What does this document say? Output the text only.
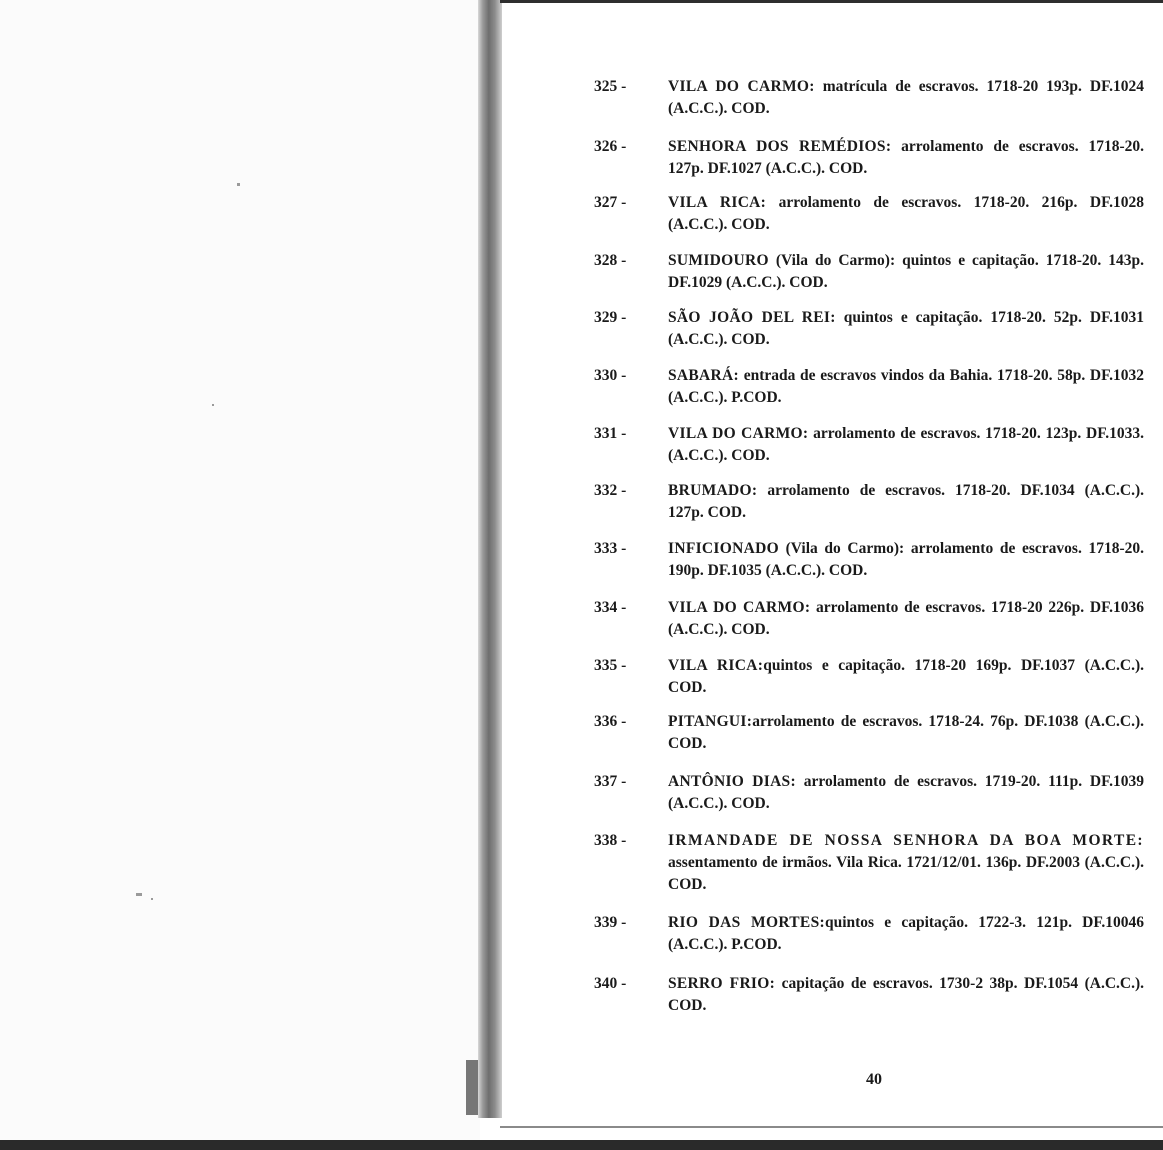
325 -	VILA DO CARMO: matrícula de escravos. 1718-20 193p. DF.1024 (A.C.C.). COD.
326 -	SENHORA DOS REMÉDIOS: arrolamento de escravos. 1718-20. 127p. DF.1027 (A.C.C.). COD.
327 -	VILA RICA: arrolamento de escravos. 1718-20. 216p. DF.1028 (A.C.C.). COD.
328 -	SUMIDOURO (Vila do Carmo): quintos e capitação. 1718-20. 143p. DF.1029 (A.C.C.). COD.
329 -	SÃO JOÃO DEL REI: quintos e capitação. 1718-20. 52p. DF.1031 (A.C.C.). COD.
330 -	SABARÁ: entrada de escravos vindos da Bahia. 1718-20. 58p. DF.1032 (A.C.C.). P.COD.
331 -	VILA DO CARMO: arrolamento de escravos. 1718-20. 123p. DF.1033. (A.C.C.). COD.
332 -	BRUMADO: arrolamento de escravos. 1718-20. DF.1034 (A.C.C.). 127p. COD.
333 -	INFICIONADO (Vila do Carmo): arrolamento de escravos. 1718-20. 190p. DF.1035 (A.C.C.). COD.
334 -	VILA DO CARMO: arrolamento de escravos. 1718-20 226p. DF.1036 (A.C.C.). COD.
335 -	VILA RICA:quintos e capitação. 1718-20 169p. DF.1037 (A.C.C.). COD.
336 -	PITANGUI:arrolamento de escravos. 1718-24. 76p. DF.1038 (A.C.C.). COD.
337 -	ANTÔNIO DIAS: arrolamento de escravos. 1719-20. 111p. DF.1039 (A.C.C.). COD.
338 -	IRMANDADE DE NOSSA SENHORA DA BOA MORTE: assentamento de irmãos. Vila Rica. 1721/12/01. 136p. DF.2003 (A.C.C.). COD.
339 -	RIO DAS MORTES:quintos e capitação. 1722-3. 121p. DF.10046 (A.C.C.). P.COD.
340 -	SERRO FRIO: capitação de escravos. 1730-2 38p. DF.1054 (A.C.C.). COD.
40
